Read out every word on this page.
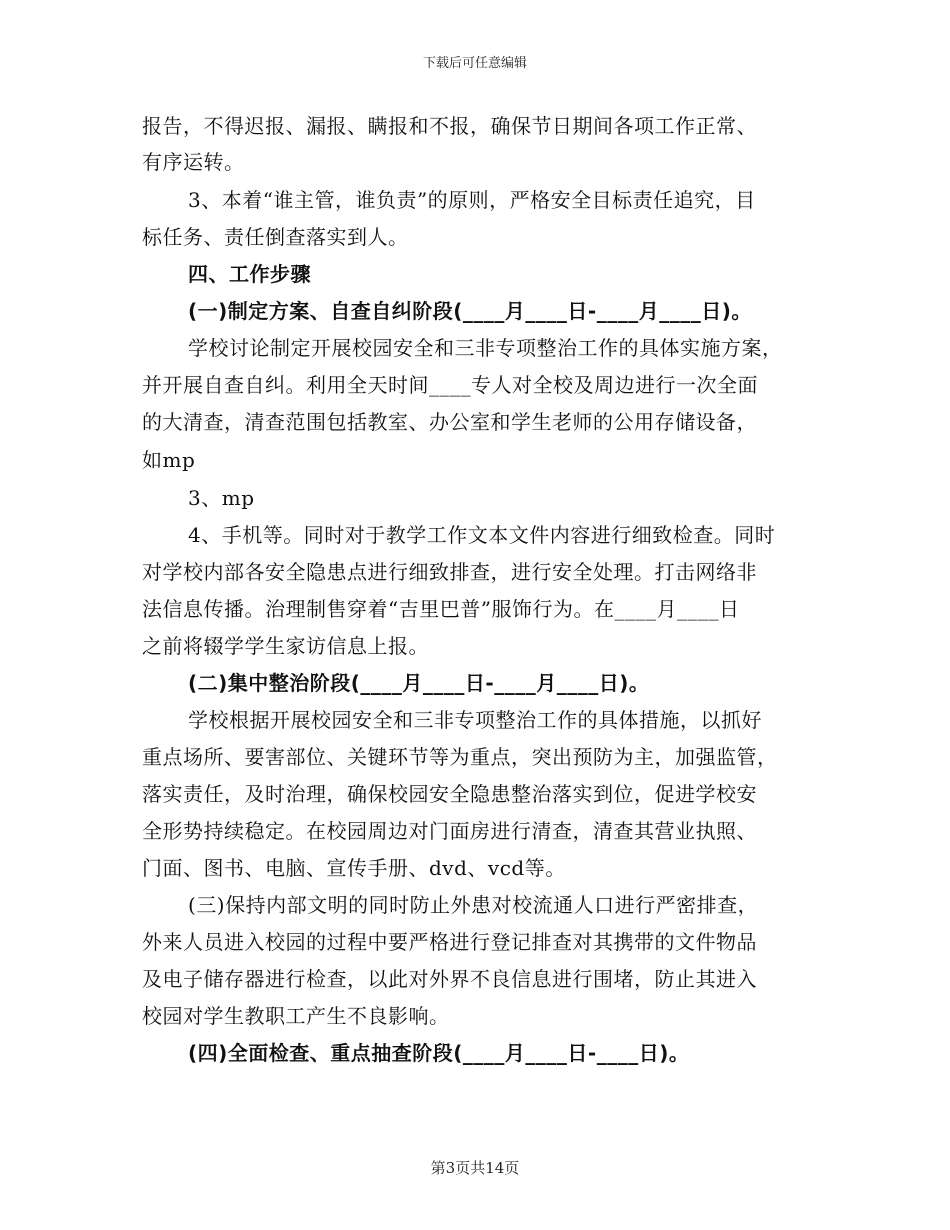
下载后可任意编辑
报告，不得迟报、漏报、瞒报和不报，确保节日期间各项工作正常、
有序运转。
3、本着“谁主管，谁负责”的原则，严格安全目标责任追究，目
标任务、责任倒查落实到人。
四、工作步骤
(一)制定方案、自查自纠阶段(____月____日-____月____日)。
学校讨论制定开展校园安全和三非专项整治工作的具体实施方案，
并开展自查自纠。利用全天时间____专人对全校及周边进行一次全面
的大清查，清查范围包括教室、办公室和学生老师的公用存储设备，
如mp
3、mp
4、手机等。同时对于教学工作文本文件内容进行细致检查。同时
对学校内部各安全隐患点进行细致排查，进行安全处理。打击网络非
法信息传播。治理制售穿着“吉里巴普”服饰行为。在____月____日
之前将辍学学生家访信息上报。
(二)集中整治阶段(____月____日-____月____日)。
学校根据开展校园安全和三非专项整治工作的具体措施，以抓好
重点场所、要害部位、关键环节等为重点，突出预防为主，加强监管，
落实责任，及时治理，确保校园安全隐患整治落实到位，促进学校安
全形势持续稳定。在校园周边对门面房进行清查，清查其营业执照、
门面、图书、电脑、宣传手册、dvd、vcd等。
(三)保持内部文明的同时防止外患对校流通人口进行严密排查，
外来人员进入校园的过程中要严格进行登记排查对其携带的文件物品
及电子储存器进行检查，以此对外界不良信息进行围堵，防止其进入
校园对学生教职工产生不良影响。
(四)全面检查、重点抽查阶段(____月____日-____日)。
第3页共14页
